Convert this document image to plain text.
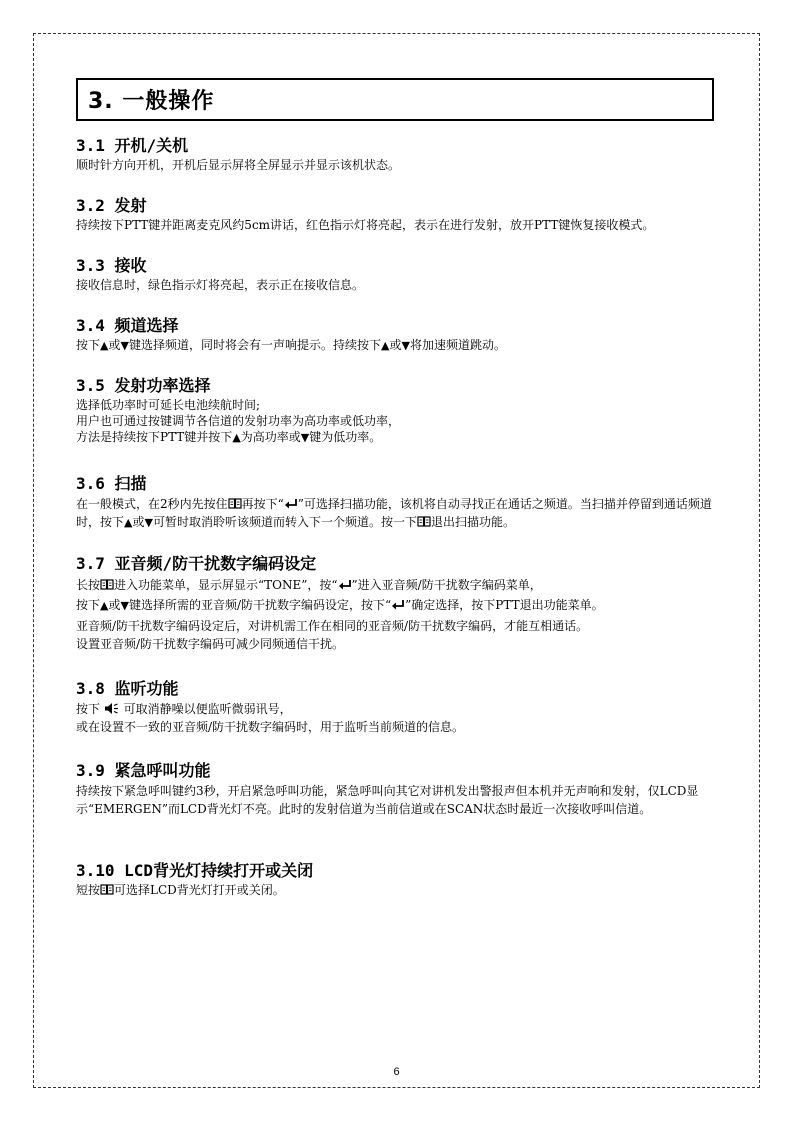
3. 一般操作
3.1 开机/关机

顺时针方向开机，开机后显示屏将全屏显示并显示该机状态。

3.2 发射

持续按下PTT键并距离麦克风约5cm讲话，红色指示灯将亮起，表示在进行发射，放开PTT键恢复接收模式。

3.3 接收

接收信息时，绿色指示灯将亮起，表示正在接收信息。

3.4 频道选择

按下▲或▼键选择频道，同时将会有一声响提示。持续按下▲或▼将加速频道跳动。

3.5 发射功率选择

选择低功率时可延长电池续航时间;

用户也可通过按键调节各信道的发射功率为高功率或低功率，

方法是持续按下PTT键并按下▲为高功率或▼键为低功率。

3.6 扫描

在一般模式，在2秒内先按住 再按下“ ”可选择扫描功能，该机将自动寻找正在通话之频道。当扫描并停留到通话频道时，按下▲或▼可暂时取消聆听该频道而转入下一个频道。按一下 退出扫描功能。

3.7 亚音频/防干扰数字编码设定

长按 进入功能菜单，显示屏显示“TONE”，按“ ”进入亚音频/防干扰数字编码菜单，

按下▲或▼键选择所需的亚音频/防干扰数字编码设定，按下“ ”确定选择，按下PTT退出功能菜单。

亚音频/防干扰数字编码设定后，对讲机需工作在相同的亚音频/防干扰数字编码，才能互相通话。

设置亚音频/防干扰数字编码可减少同频通信干扰。

3.8 监听功能

按下 可取消静噪以便监听微弱讯号，

或在设置不一致的亚音频/防干扰数字编码时，用于监听当前频道的信息。

3.9 紧急呼叫功能

持续按下紧急呼叫键约3秒，开启紧急呼叫功能，紧急呼叫向其它对讲机发出警报声但本机并无声响和发射，仅LCD显示“EMERGEN”而LCD背光灯不亮。此时的发射信道为当前信道或在SCAN状态时最近一次接收呼叫信道。

3.10 LCD背光灯持续打开或关闭

短按 可选择LCD背光灯打开或关闭。

6
